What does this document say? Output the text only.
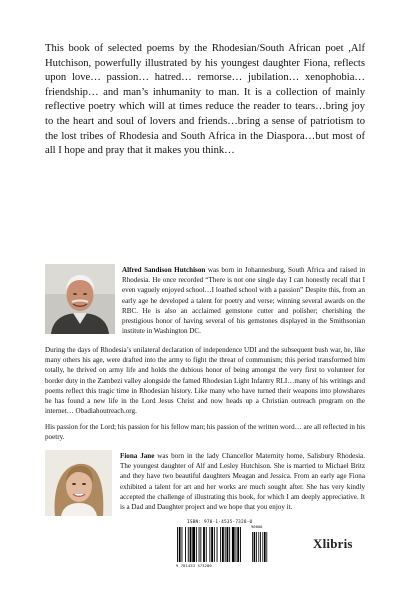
This book of selected poems by the Rhodesian/South African poet ,Alf Hutchison, powerfully illustrated by his youngest daughter Fiona, reflects upon love… passion… hatred… remorse… jubilation… xenophobia… friendship… and man’s inhumanity to man. It is a collection of mainly reflective poetry which will at times reduce the reader to tears…bring joy to the heart and soul of lovers and friends…bring a sense of patriotism to the lost tribes of Rhodesia and South Africa in the Diaspora…but most of all I hope and pray that it makes you think…

Alfred Sandison Hutchison was born in Johannesburg, South Africa and raised in Rhodesia. He once recorded “There is not one single day I can honestly recall that I even vaguely enjoyed school…I loathed school with a passion” Despite this, from an early age he developed a talent for poetry and verse; winning several awards on the RBC. He is also an acclaimed gemstone cutter and polisher; cherishing the prestigious honor of having several of his gemstones displayed in the Smithsonian institute in Washington DC.

During the days of Rhodesia’s unilateral declaration of independence UDI and the subsequent bush war, he, like many others his age, were drafted into the army to fight the threat of communism; this period transformed him totally, he thrived on army life and holds the dubious honor of being amongst the very first to volunteer for border duty in the Zambezi valley alongside the famed Rhodesian Light Infantry RLI…many of his writings and poems reflect this tragic time in Rhodesian history. Like many who have turned their weapons into plowshares he has found a new life in the Lord Jesus Christ and now heads up a Christian outreach program on the internet… Obadiahoutreach.org.

His passion for the Lord; his passion for his fellow man; his passion of the written word… are all reflected in his poetry.

Fiona Jane was born in the lady Chancellor Maternity home, Salisbury Rhodesia. The youngest daughter of Alf and Lesley Hutchison. She is married to Michael Britz and they have two beautiful daughters Meagan and Jessica. From an early age Fiona exhibited a talent for art and her works are much sought after. She has very kindly accepted the challenge of illustrating this book, for which I am deeply appreciative. It is a Dad and Daughter project and we hope that you enjoy it.

ISBN: 978-1-4535-7328-0
9 781453 573280
90000
Xlibris
